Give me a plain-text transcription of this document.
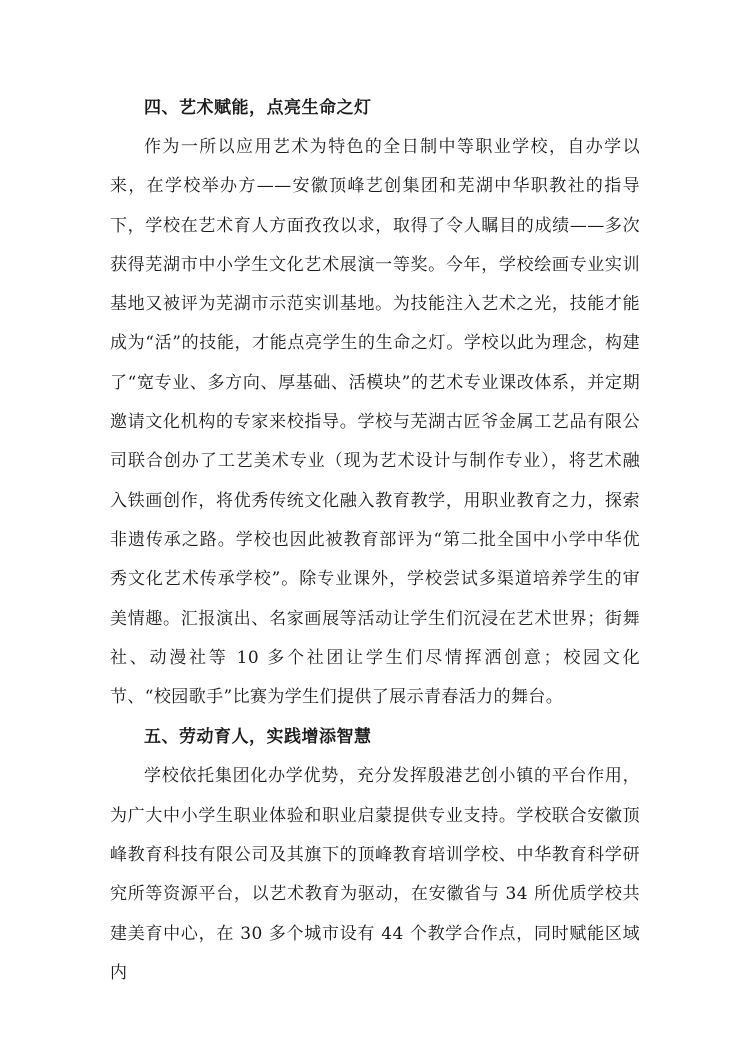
四、艺术赋能，点亮生命之灯

作为一所以应用艺术为特色的全日制中等职业学校，自办学以来，在学校举办方——安徽顶峰艺创集团和芜湖中华职教社的指导下，学校在艺术育人方面孜孜以求，取得了令人瞩目的成绩——多次获得芜湖市中小学生文化艺术展演一等奖。今年，学校绘画专业实训基地又被评为芜湖市示范实训基地。为技能注入艺术之光，技能才能成为“活”的技能，才能点亮学生的生命之灯。学校以此为理念，构建了“宽专业、多方向、厚基础、活模块”的艺术专业课改体系，并定期邀请文化机构的专家来校指导。学校与芜湖古匠爷金属工艺品有限公司联合创办了工艺美术专业（现为艺术设计与制作专业），将艺术融入铁画创作，将优秀传统文化融入教育教学，用职业教育之力，探索非遗传承之路。学校也因此被教育部评为“第二批全国中小学中华优秀文化艺术传承学校”。除专业课外，学校尝试多渠道培养学生的审美情趣。汇报演出、名家画展等活动让学生们沉浸在艺术世界；街舞社、动漫社等 10 多个社团让学生们尽情挥洒创意；校园文化节、“校园歌手”比赛为学生们提供了展示青春活力的舞台。

五、劳动育人，实践增添智慧

学校依托集团化办学优势，充分发挥殷港艺创小镇的平台作用，为广大中小学生职业体验和职业启蒙提供专业支持。学校联合安徽顶峰教育科技有限公司及其旗下的顶峰教育培训学校、中华教育科学研究所等资源平台，以艺术教育为驱动，在安徽省与 34 所优质学校共建美育中心，在 30 多个城市设有 44 个教学合作点，同时赋能区域内
